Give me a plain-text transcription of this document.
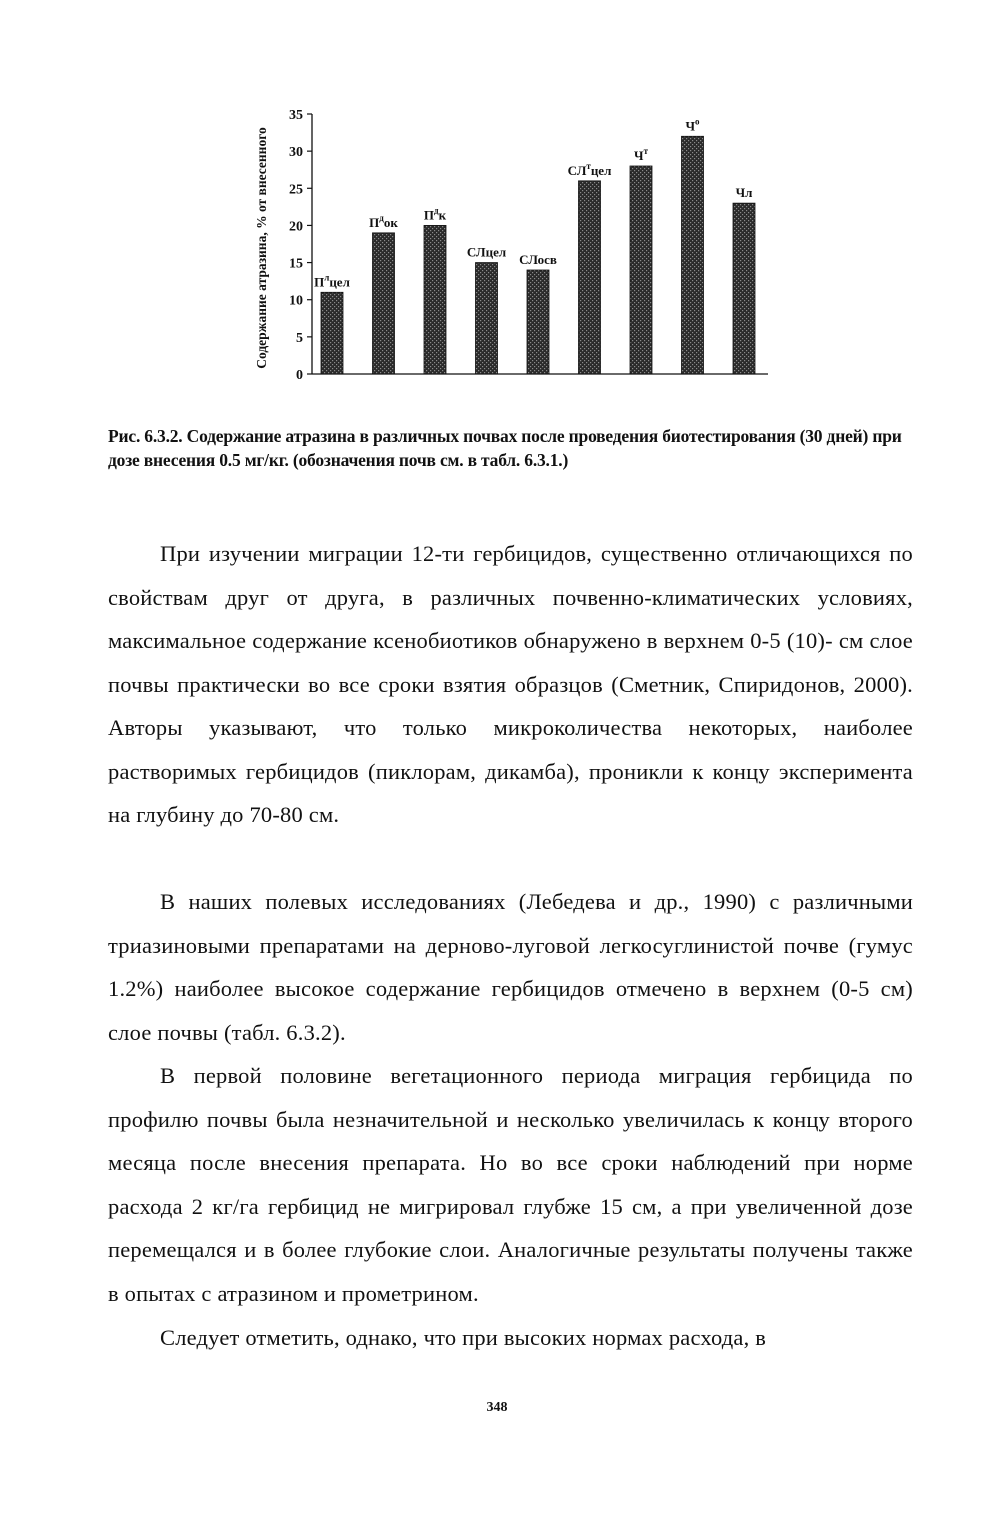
Содержание атразина, % от внесенного
0
5
10
15
20
25
30
35
$П^лцел$
$П^док$ $П^дк$
СЛцел СЛосв
$СЛ^тцел$
$Ч^т$
$Ч^о$
Чл
Рис. 6.3.2. Содержание атразина в различных почвах после проведения биотестирования (30 дней) при дозе внесения 0.5 мг/кг. (обозначения почв см. в табл. 6.3.1.)

При изучении миграции 12-ти гербицидов, существенно отличающихся по свойствам друг от друга, в различных почвенно-климатических условиях, максимальное содержание ксенобиотиков обнаружено в верхнем 0-5 (10)- см слое почвы практически во все сроки взятия образцов (Сметник, Спиридонов, 2000). Авторы указывают, что только микроколичества некоторых, наиболее растворимых гербицидов (пиклорам, дикамба), проникли к концу эксперимента на глубину до 70-80 см.

В наших полевых исследованиях (Лебедева и др., 1990) с различными триазиновыми препаратами на дерново-луговой легкосуглинистой почве (гумус 1.2%) наиболее высокое содержание гербицидов отмечено в верхнем (0-5 см) слое почвы (табл. 6.3.2).

В первой половине вегетационного периода миграция гербицида по профилю почвы была незначительной и несколько увеличилась к концу второго месяца после внесения препарата. Но во все сроки наблюдений при норме расхода 2 кг/га гербицид не мигрировал глубже 15 см, а при увеличенной дозе перемещался и в более глубокие слои. Аналогичные результаты получены также в опытах с атразином и прометрином.

Следует отметить, однако, что при высоких нормах расхода, в

348
